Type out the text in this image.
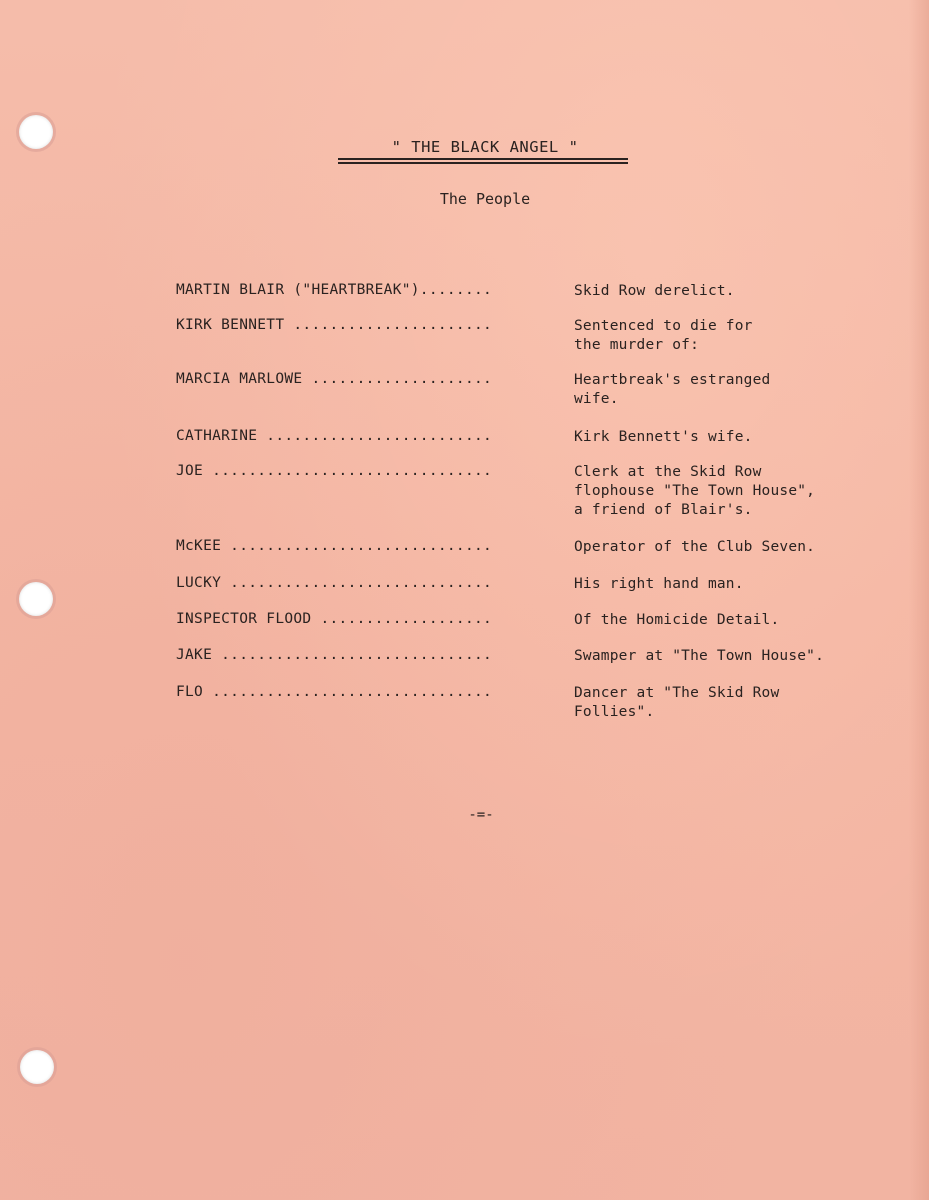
" THE BLACK ANGEL "
The People
MARTIN BLAIR ("HEARTBREAK")........	Skid Row derelict.
KIRK BENNETT ......................	Sentenced to die for
the murder of:
MARCIA MARLOWE ....................	Heartbreak's estranged
wife.
CATHARINE .........................	Kirk Bennett's wife.
JOE ...............................	Clerk at the Skid Row
flophouse "The Town House",
a friend of Blair's.
McKEE .............................	Operator of the Club Seven.
LUCKY .............................	His right hand man.
INSPECTOR FLOOD ...................	Of the Homicide Detail.
JAKE ..............................	Swamper at "The Town House".
FLO ...............................	Dancer at "The Skid Row
Follies".
-=-
